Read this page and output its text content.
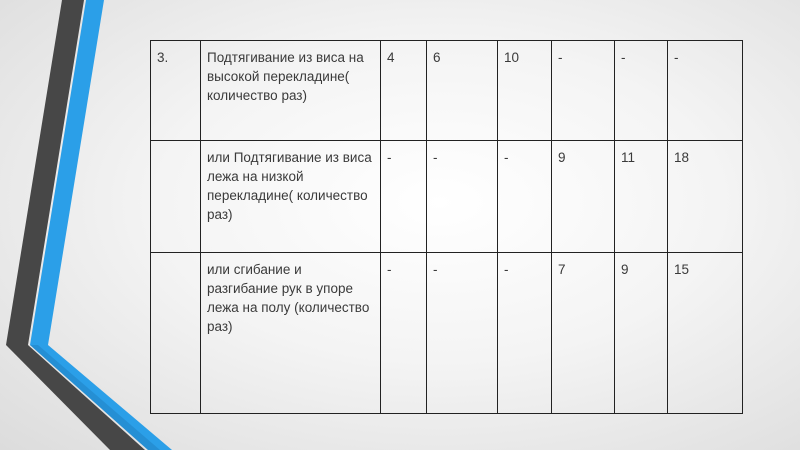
3.	Подтягивание из виса на высокой перекладине( количество раз)	4	6	10	-	-	-
	или Подтягивание из виса лежа на низкой перекладине( количество раз)	-	-	-	9	11	18
	или сгибание и разгибание рук в упоре лежа на полу (количество раз)	-	-	-	7	9	15
